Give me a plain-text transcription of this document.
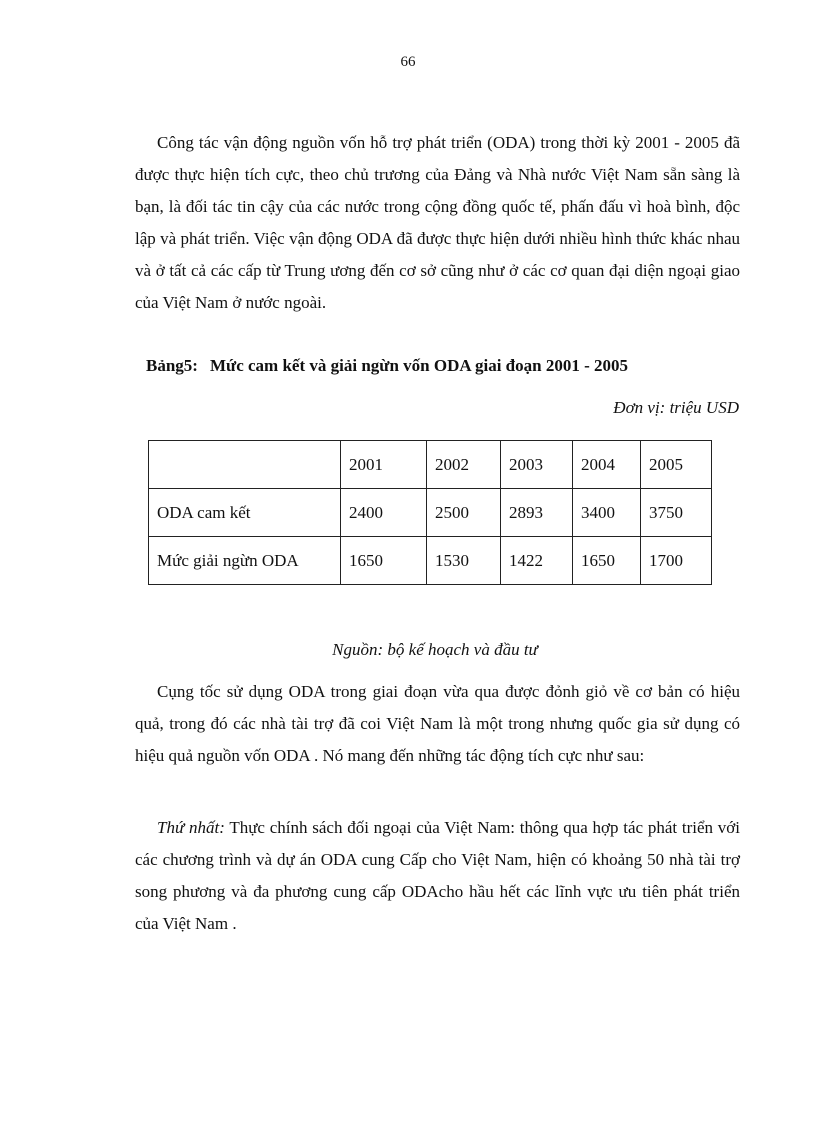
66

Công tác vận động nguồn vốn hỗ trợ phát triển (ODA) trong thời kỳ 2001 - 2005 đã được thực hiện tích cực, theo chủ trương của Đảng và Nhà nước Việt Nam sẵn sàng là bạn, là đối tác tin cậy của các nước trong cộng đồng quốc tế, phấn đấu vì hoà bình, độc lập và phát triển. Việc vận động ODA đã được thực hiện dưới nhiều hình thức khác nhau và ở tất cả các cấp từ Trung ương đến cơ sở cũng như ở các cơ quan đại diện ngoại giao của Việt Nam ở nước ngoài.

Bảng5: Mức cam kết và giải ngừn vốn ODA giai đoạn 2001 - 2005
Đơn vị: triệu USD
	2001	2002	2003	2004	2005
ODA cam kết	2400	2500	2893	3400	3750
Mức giải ngừn ODA	1650	1530	1422	1650	1700
Nguồn: bộ kế hoạch và đầu tư

Cụng tốc sử dụng ODA trong giai đoạn vừa qua được đỏnh giỏ về cơ bản có hiệu quả, trong đó các nhà tài trợ đã coi Việt Nam là một trong nhưng quốc gia sử dụng có hiệu quả nguồn vốn ODA . Nó mang đến những tác động tích cực như sau:

Thứ nhất: Thực chính sách đối ngoại của Việt Nam: thông qua hợp tác phát triển với các chương trình và dự án ODA cung Cấp cho Việt Nam, hiện có khoảng 50 nhà tài trợ song phương và đa phương cung cấp ODAcho hầu hết các lĩnh vực ưu tiên phát triển của Việt Nam .
